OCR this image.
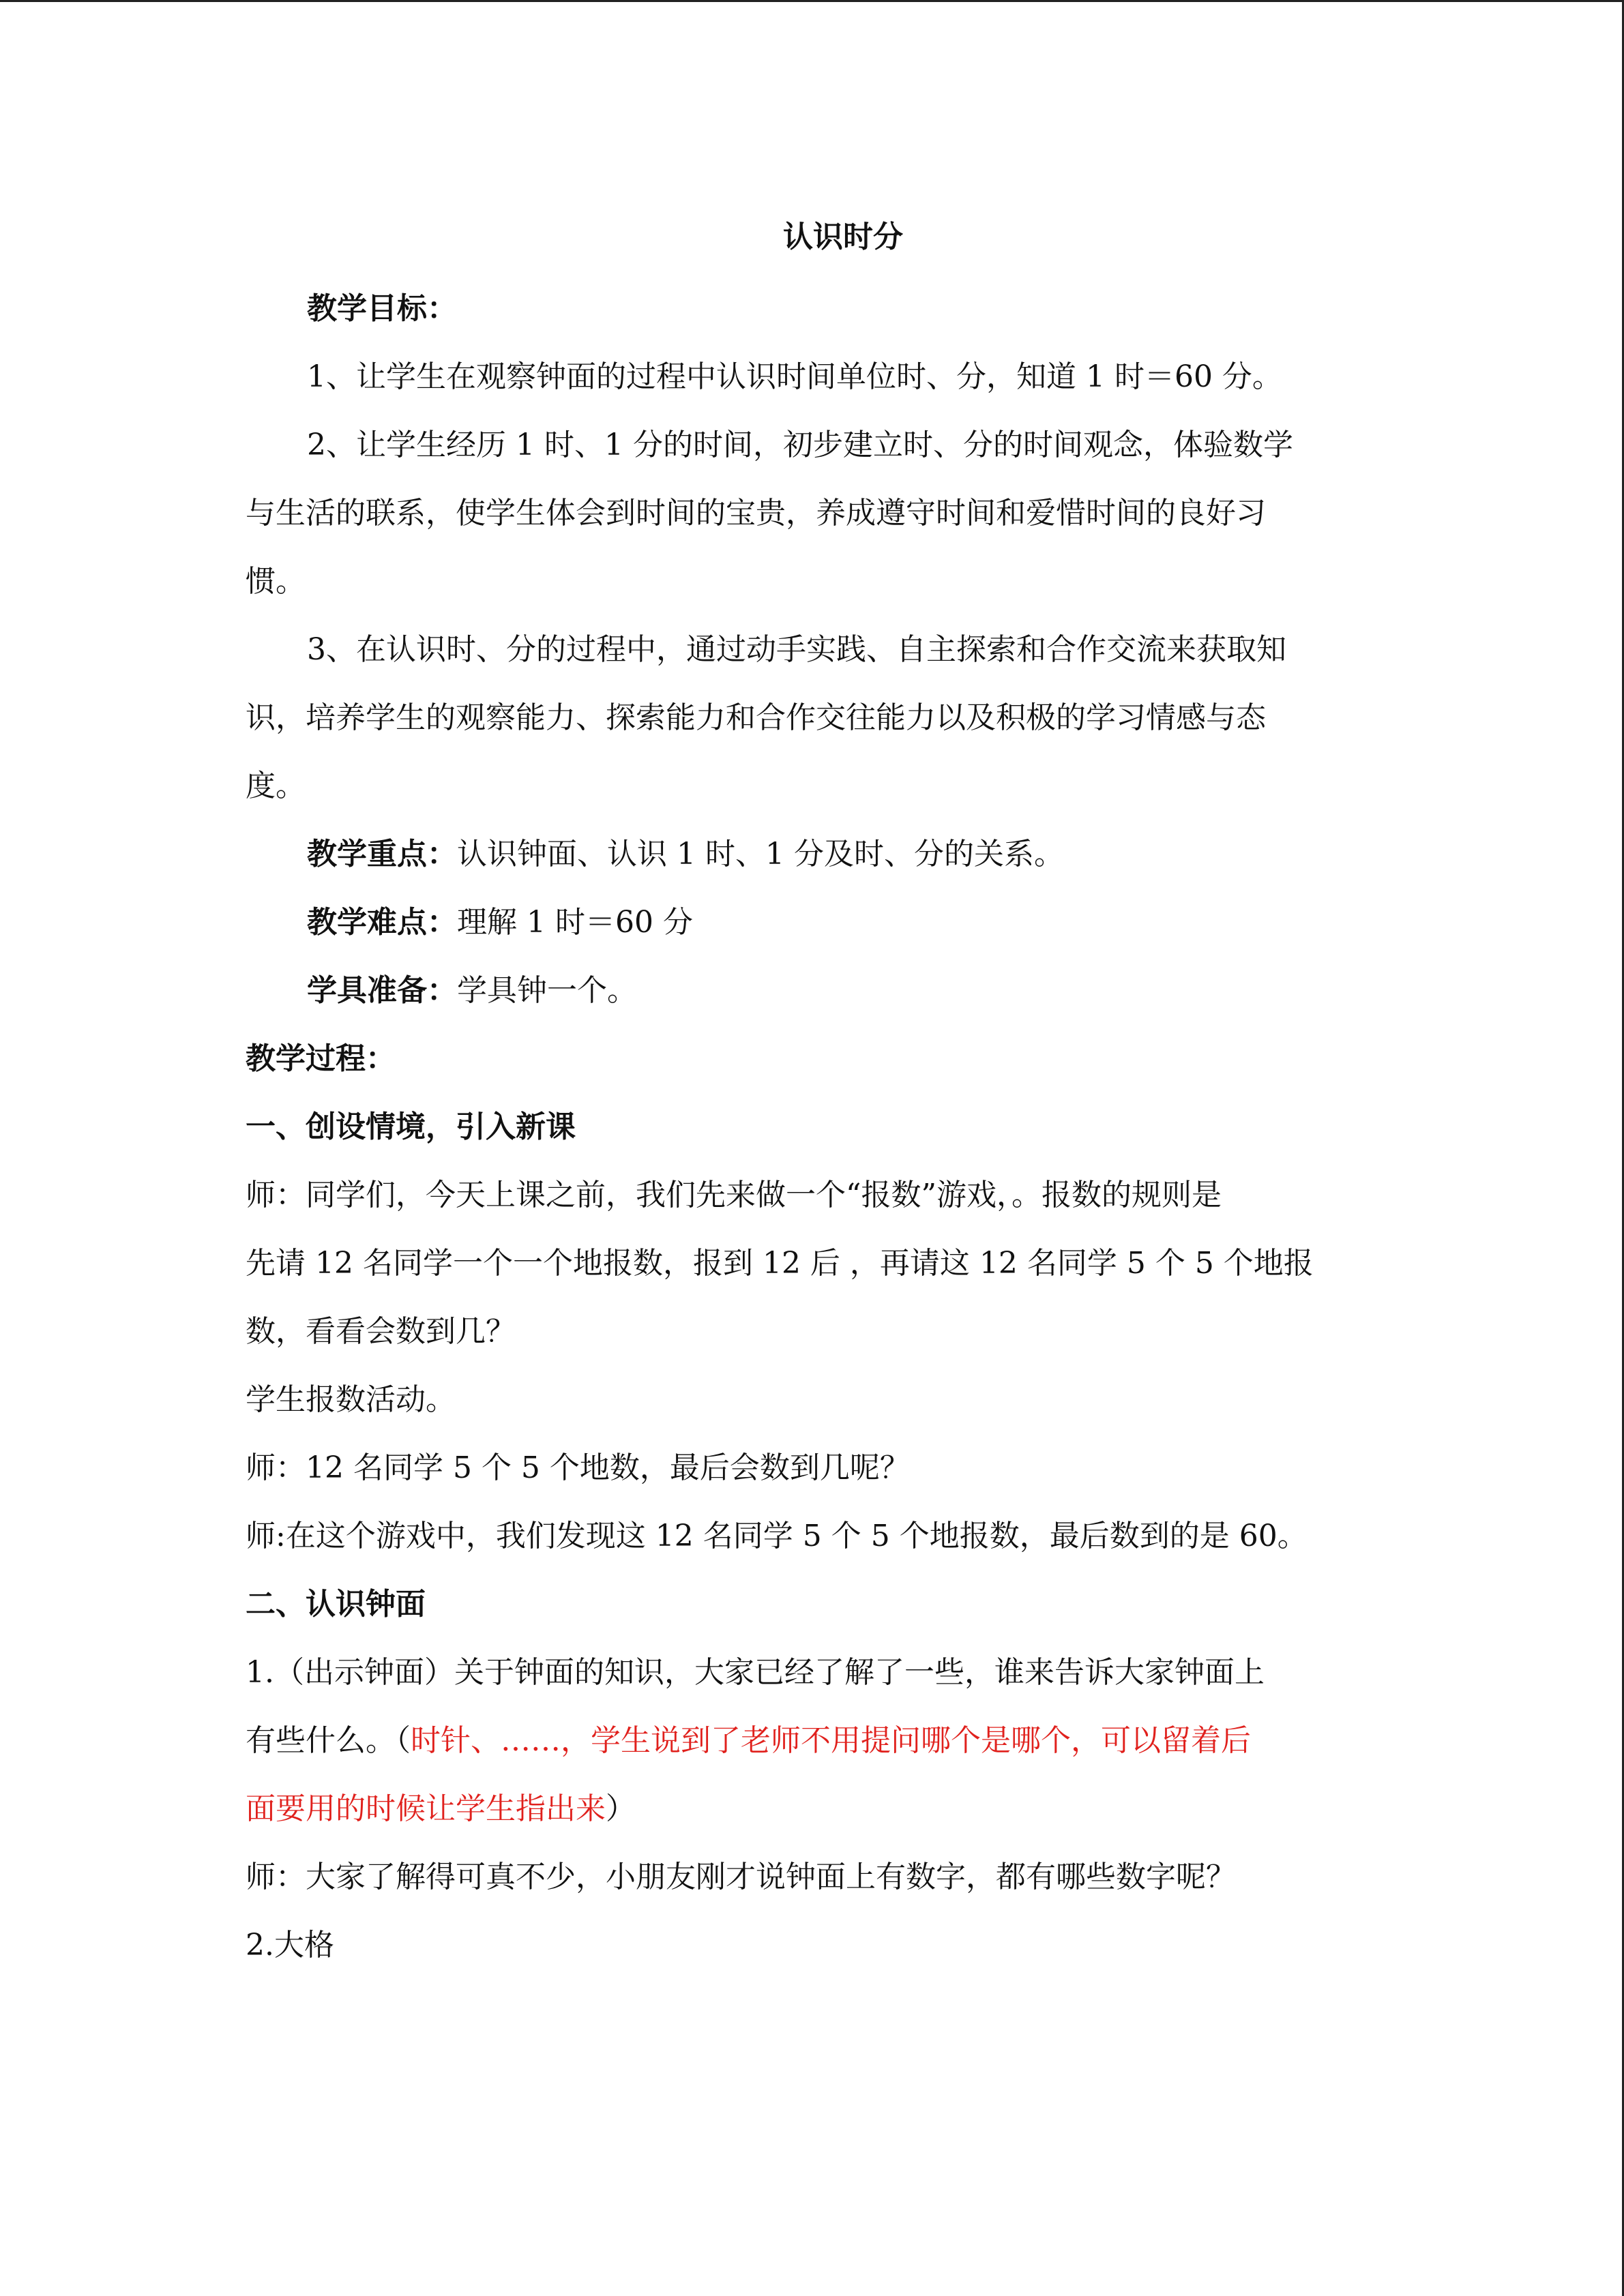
认识时分
教学目标：
1、让学生在观察钟面的过程中认识时间单位时、分，知道 1 时＝60 分。
2、让学生经历 1 时、1 分的时间，初步建立时、分的时间观念，体验数学
与生活的联系，使学生体会到时间的宝贵，养成遵守时间和爱惜时间的良好习
惯。
3、在认识时、分的过程中，通过动手实践、自主探索和合作交流来获取知
识，培养学生的观察能力、探索能力和合作交往能力以及积极的学习情感与态
度。
教学重点：认识钟面、认识 1 时、1 分及时、分的关系。
教学难点：理解 1 时＝60 分
学具准备：学具钟一个。
教学过程：
一、创设情境，引入新课
师：同学们，今天上课之前，我们先来做一个“报数”游戏，。报数的规则是
先请 12 名同学一个一个地报数，报到 12 后 ，再请这 12 名同学 5 个 5 个地报
数，看看会数到几？
学生报数活动。
师：12 名同学 5 个 5 个地数，最后会数到几呢？
师:在这个游戏中，我们发现这 12 名同学 5 个 5 个地报数，最后数到的是 60。
二、认识钟面
1.（出示钟面）关于钟面的知识，大家已经了解了一些，谁来告诉大家钟面上
有些什么。（时针、……，学生说到了老师不用提问哪个是哪个，可以留着后
面要用的时候让学生指出来）
师：大家了解得可真不少，小朋友刚才说钟面上有数字，都有哪些数字呢？
2.大格
